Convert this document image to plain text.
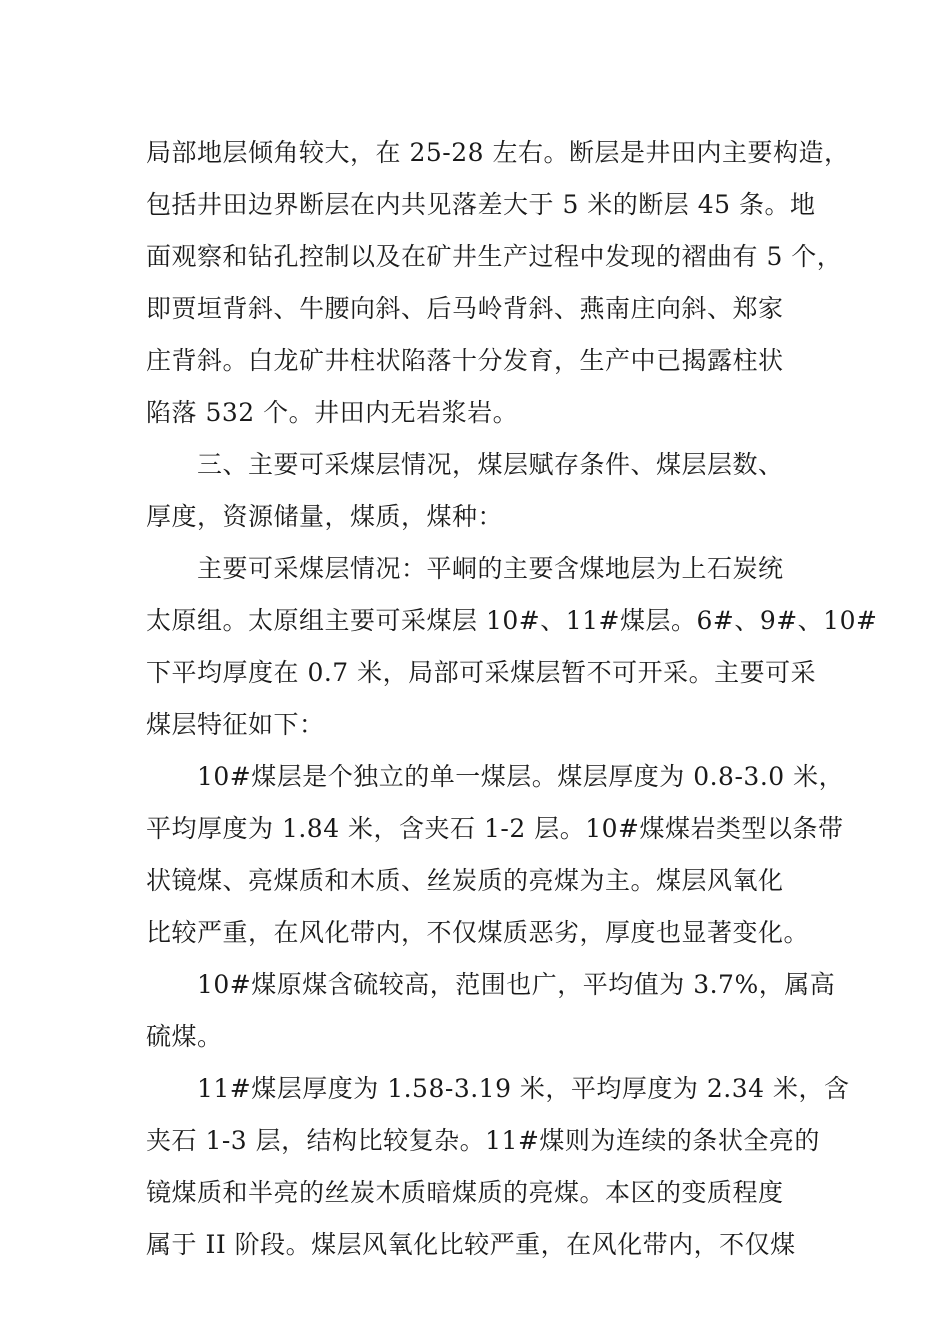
局部地层倾角较大，在 25-28 左右。断层是井田内主要构造，
包括井田边界断层在内共见落差大于 5 米的断层 45 条。地
面观察和钻孔控制以及在矿井生产过程中发现的褶曲有 5 个，
即贾垣背斜、牛腰向斜、后马岭背斜、燕南庄向斜、郑家
庄背斜。白龙矿井柱状陷落十分发育，生产中已揭露柱状
陷落 532 个。井田内无岩浆岩。

　　三、主要可采煤层情况，煤层赋存条件、煤层层数、
厚度，资源储量，煤质，煤种：

　　主要可采煤层情况：平峒的主要含煤地层为上石炭统
太原组。太原组主要可采煤层 10#、11#煤层。6#、9#、10#
下平均厚度在 0.7 米，局部可采煤层暂不可开采。主要可采
煤层特征如下：

　　10#煤层是个独立的单一煤层。煤层厚度为 0.8-3.0 米，
平均厚度为 1.84 米，含夹石 1-2 层。10#煤煤岩类型以条带
状镜煤、亮煤质和木质、丝炭质的亮煤为主。煤层风氧化
比较严重，在风化带内，不仅煤质恶劣，厚度也显著变化。

　　10#煤原煤含硫较高，范围也广，平均值为 3.7%，属高
硫煤。

　　11#煤层厚度为 1.58-3.19 米，平均厚度为 2.34 米，含
夹石 1-3 层，结构比较复杂。11#煤则为连续的条状全亮的
镜煤质和半亮的丝炭木质暗煤质的亮煤。本区的变质程度
属于 II 阶段。煤层风氧化比较严重，在风化带内，不仅煤
